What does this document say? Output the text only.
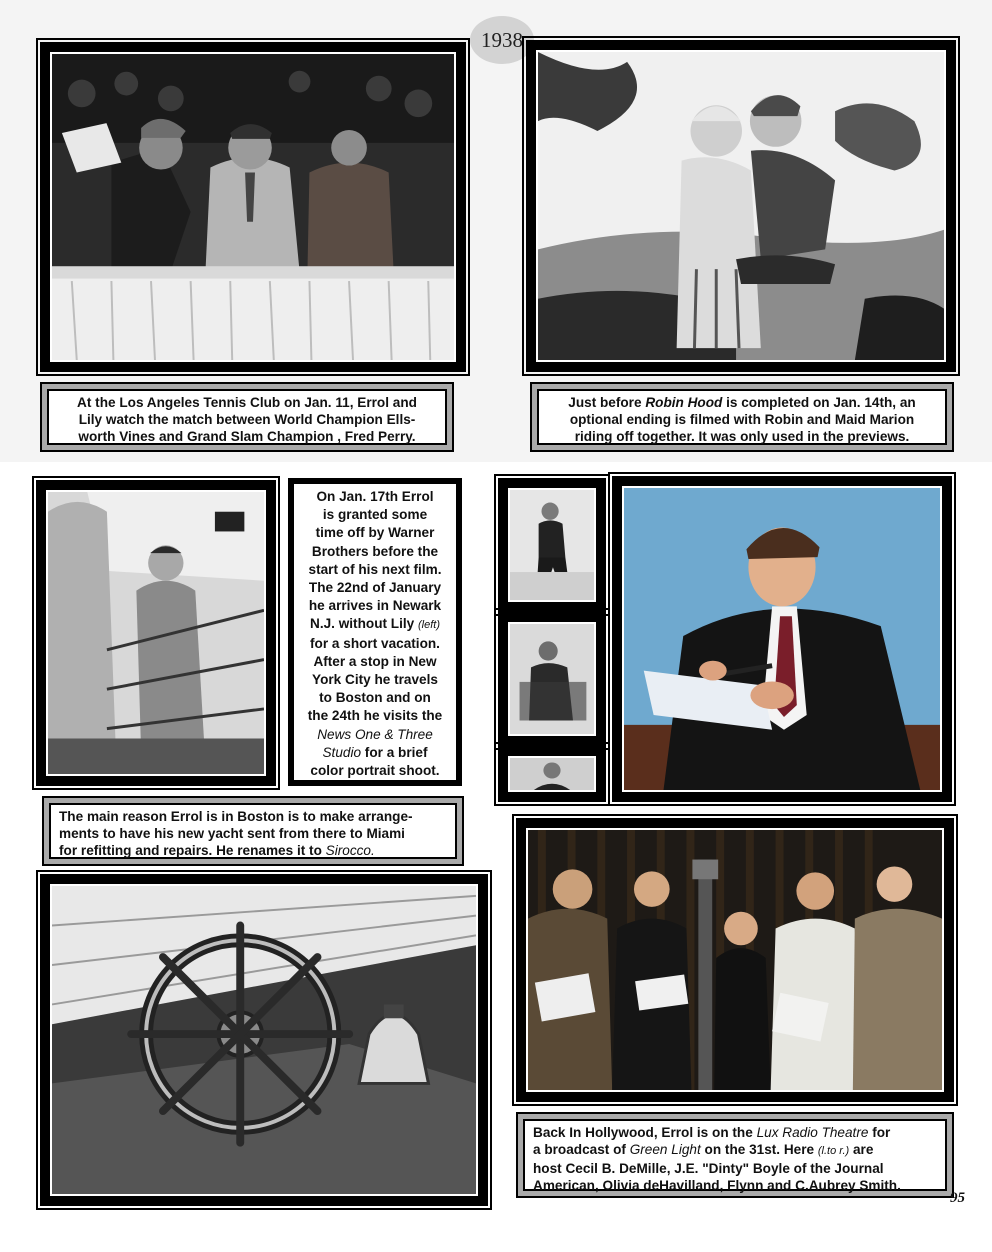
1938
At the Los Angeles Tennis Club on Jan. 11, Errol and
Lily watch the match between World Champion Ells-
worth Vines and Grand Slam Champion , Fred Perry.
Just before Robin Hood is completed on Jan. 14th, an
optional ending is filmed with Robin and Maid Marion
riding off together. It was only used in the previews.
On Jan. 17th Errol
is granted some
time off by Warner
Brothers before the
start of his next film.
The 22nd of January
he arrives in Newark
N.J. without Lily (left)
for a short vacation.
After a stop in New
York City he travels
to Boston and on
the 24th he visits the
News One & Three
Studio for a brief
color portrait shoot.
The main reason Errol is in Boston is to make arrange-
ments to have his new yacht sent from there to Miami
for refitting and repairs. He renames it to Sirocco.
Back In Hollywood, Errol is on the Lux Radio Theatre for
a broadcast of Green Light on the 31st. Here (l.to r.) are
host Cecil B. DeMille, J.E. "Dinty" Boyle of the Journal
American, Olivia deHavilland, Flynn and C.Aubrey Smith.
95
